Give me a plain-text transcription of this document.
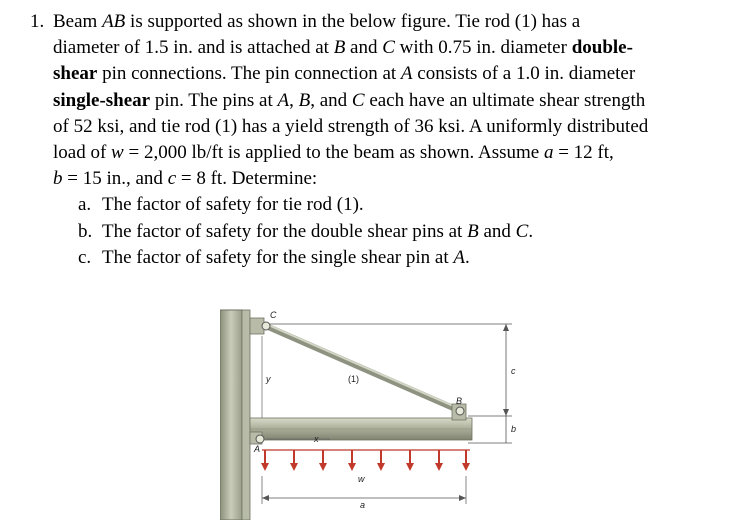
1. Beam AB is supported as shown in the below figure. Tie rod (1) has a
diameter of 1.5 in. and is attached at B and C with 0.75 in. diameter double-
shear pin connections. The pin connection at A consists of a 1.0 in. diameter
single-shear pin. The pins at A, B, and C each have an ultimate shear strength
of 52 ksi, and tie rod (1) has a yield strength of 36 ksi. A uniformly distributed
load of w = 2,000 lb/ft is applied to the beam as shown. Assume a = 12 ft,
b = 15 in., and c = 8 ft. Determine:
a. The factor of safety for tie rod (1).
b. The factor of safety for the double shear pins at B and C.
c. The factor of safety for the single shear pin at A.
C
y	(1)
B
A
x
w
a
c
b
